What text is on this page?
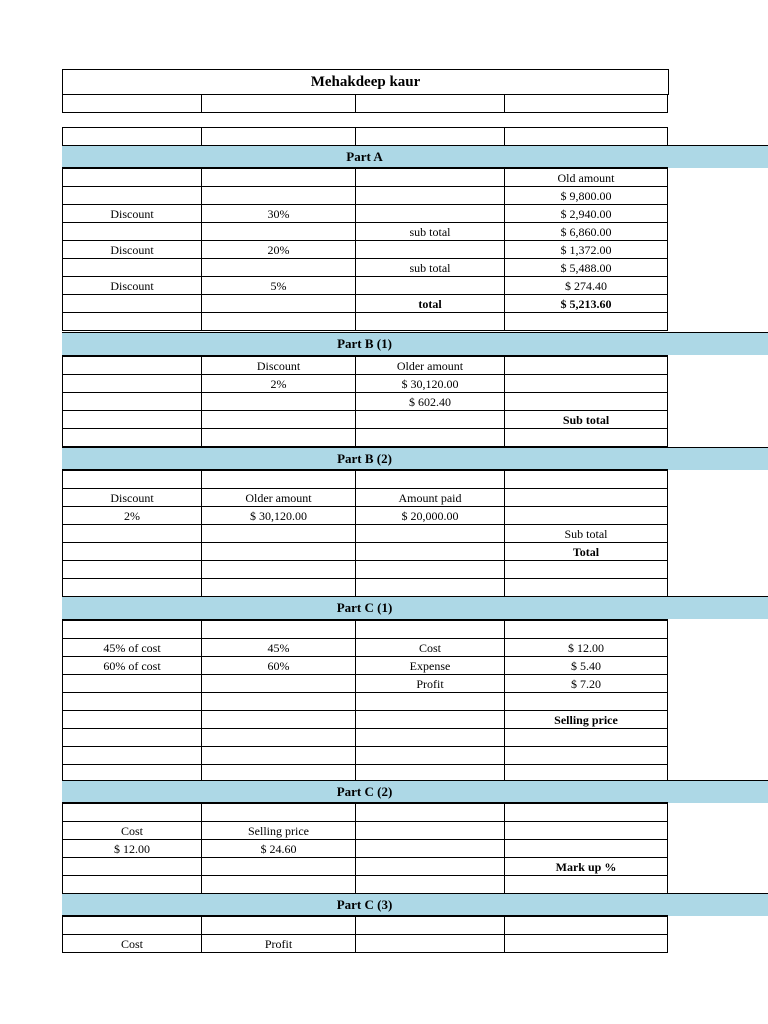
Mehakdeep kaur

Part A
			Old amount
			$ 9,800.00
Discount	30%		$ 2,940.00
		sub total	$ 6,860.00
Discount	20%		$ 1,372.00
		sub total	$ 5,488.00
Discount	5%		$ 274.40
		total	$ 5,213.60

Part B (1)
	Discount	Older amount	
	2%	$ 30,120.00	
		$ 602.40	
			Sub total

Part B (2)

Discount	Older amount	Amount paid	
2%	$ 30,120.00	$ 20,000.00	
			Sub total
			Total

Part C (1)

45% of cost	45%	Cost	$ 12.00
60% of cost	60%	Expense	$ 5.40
		Profit	$ 7.20

			Selling price

Part C (2)

Cost	Selling price		
$ 12.00	$ 24.60		
			Mark up %

Part C (3)

Cost	Profit		
